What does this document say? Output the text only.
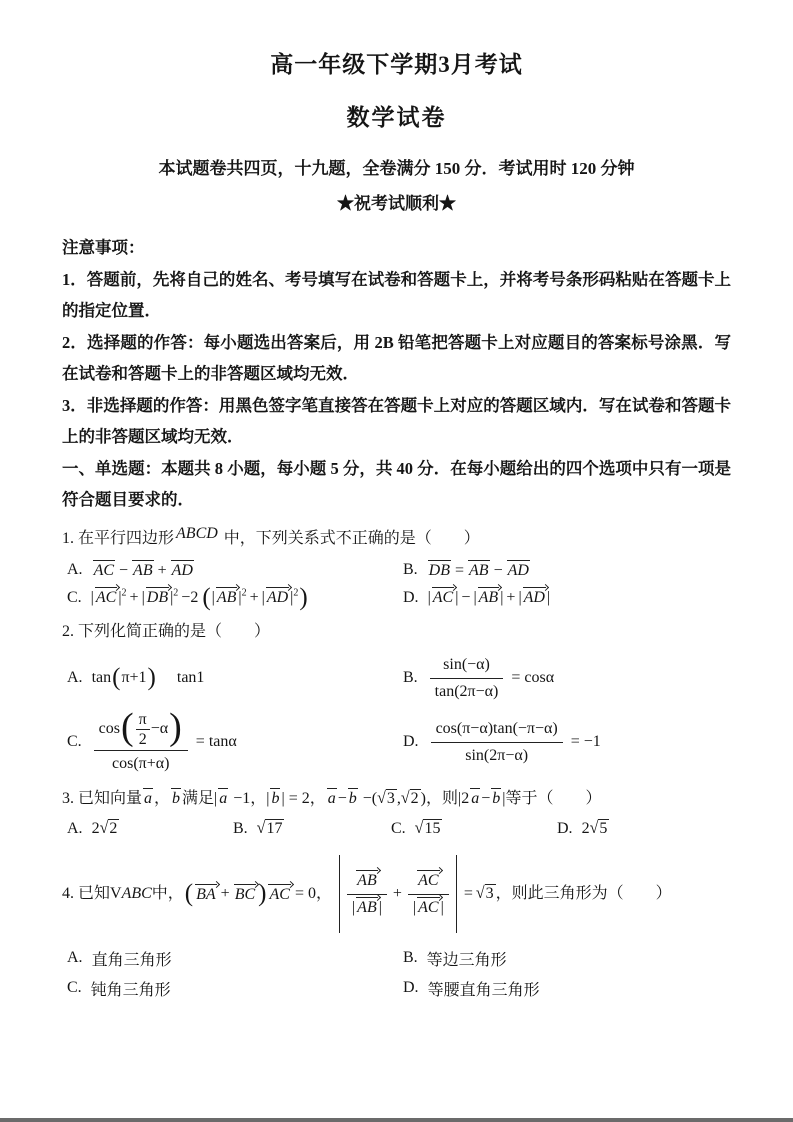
高一年级下学期3月考试
数学试卷
本试题卷共四页，十九题，全卷满分 150 分．考试用时 120 分钟
★祝考试顺利★
注意事项：
1．答题前，先将自己的姓名、考号填写在试卷和答题卡上，并将考号条形码粘贴在答题卡上的指定位置．
2．选择题的作答：每小题选出答案后，用 2B 铅笔把答题卡上对应题目的答案标号涂黑．写在试卷和答题卡上的非答题区域均无效．
3．非选择题的作答：用黑色签字笔直接答在答题卡上对应的答题区域内．写在试卷和答题卡上的非答题区域均无效．
一、单选题：本题共 8 小题，每小题 5 分，共 40 分．在每小题给出的四个选项中只有一项是符合题目要求的．
1. 在平行四边形 ABCD 中，下列关系式不正确的是（　　）
A. AC − AB + AD	B. DB = AB − AD
C. | AC $|^2$ + | DB $|^2 -2$ (| AB $|^2$ + | AD $|^2$)	D. | AC | − | AB | + | AD |
2. 下列化简正确的是（　　）
A. tan(π+1) tan1	B. $\frac{\sin(-\alpha)}{\tan(2\pi-\alpha)} = \cos\alpha$
C. $\frac{\cos( \frac{\pi}{2} -\alpha)}{\cos(\pi+\alpha)} = \tan\alpha$	D. $\frac{\cos(\pi-\alpha)\tan(-\pi-\alpha)}{\sin(2\pi-\alpha)} = -1$
3. 已知向量 a ， b 满足| a −1，| b | = 2， a − b −(√3 ,√2 )，则|2 a − b |等于（　　）
A. 2√2	B. √17	C. √15	D. 2√5
4.
已知V ABC 中， ( BA + BC ) AC = 0， $\frac{AB}{| AB |} + \frac{AC}{| AC |} = √3$ ，则此三角形为（　　）
A. 直角三角形	B. 等边三角形
C. 钝角三角形	D. 等腰直角三角形
